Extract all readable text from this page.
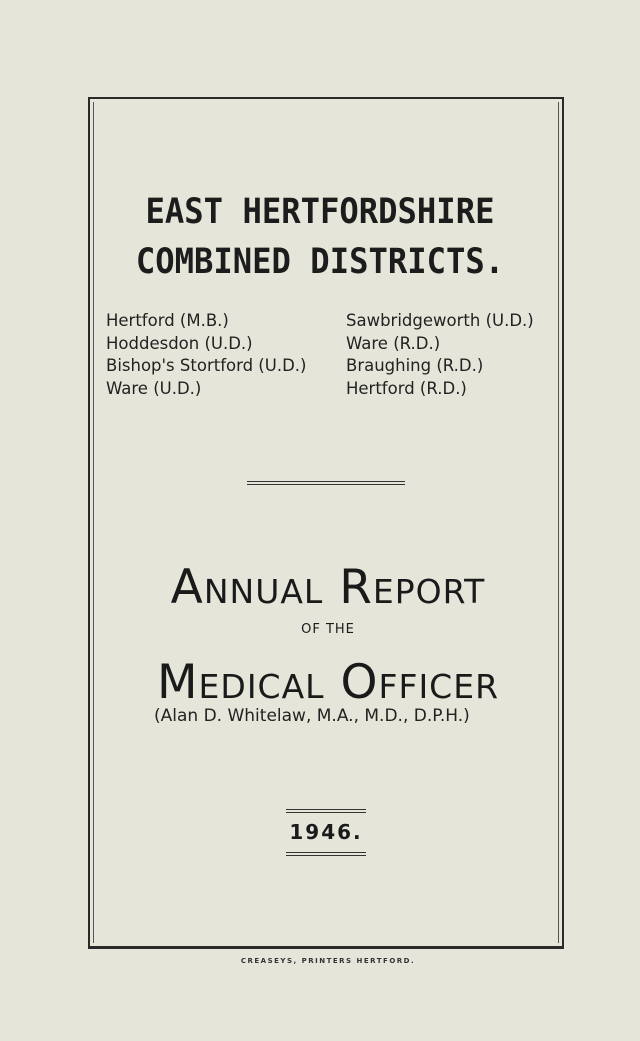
EAST HERTFORDSHIRE
COMBINED DISTRICTS.
Hertford (M.B.)
Hoddesdon (U.D.)
Bishop's Stortford (U.D.)
Ware (U.D.)
Sawbridgeworth (U.D.)
Ware (R.D.)
Braughing (R.D.)
Hertford (R.D.)
Annual Report
OF THE
Medical Officer
(Alan D. Whitelaw, M.A., M.D., D.P.H.)
1946.
CREASEYS, PRINTERS HERTFORD.
